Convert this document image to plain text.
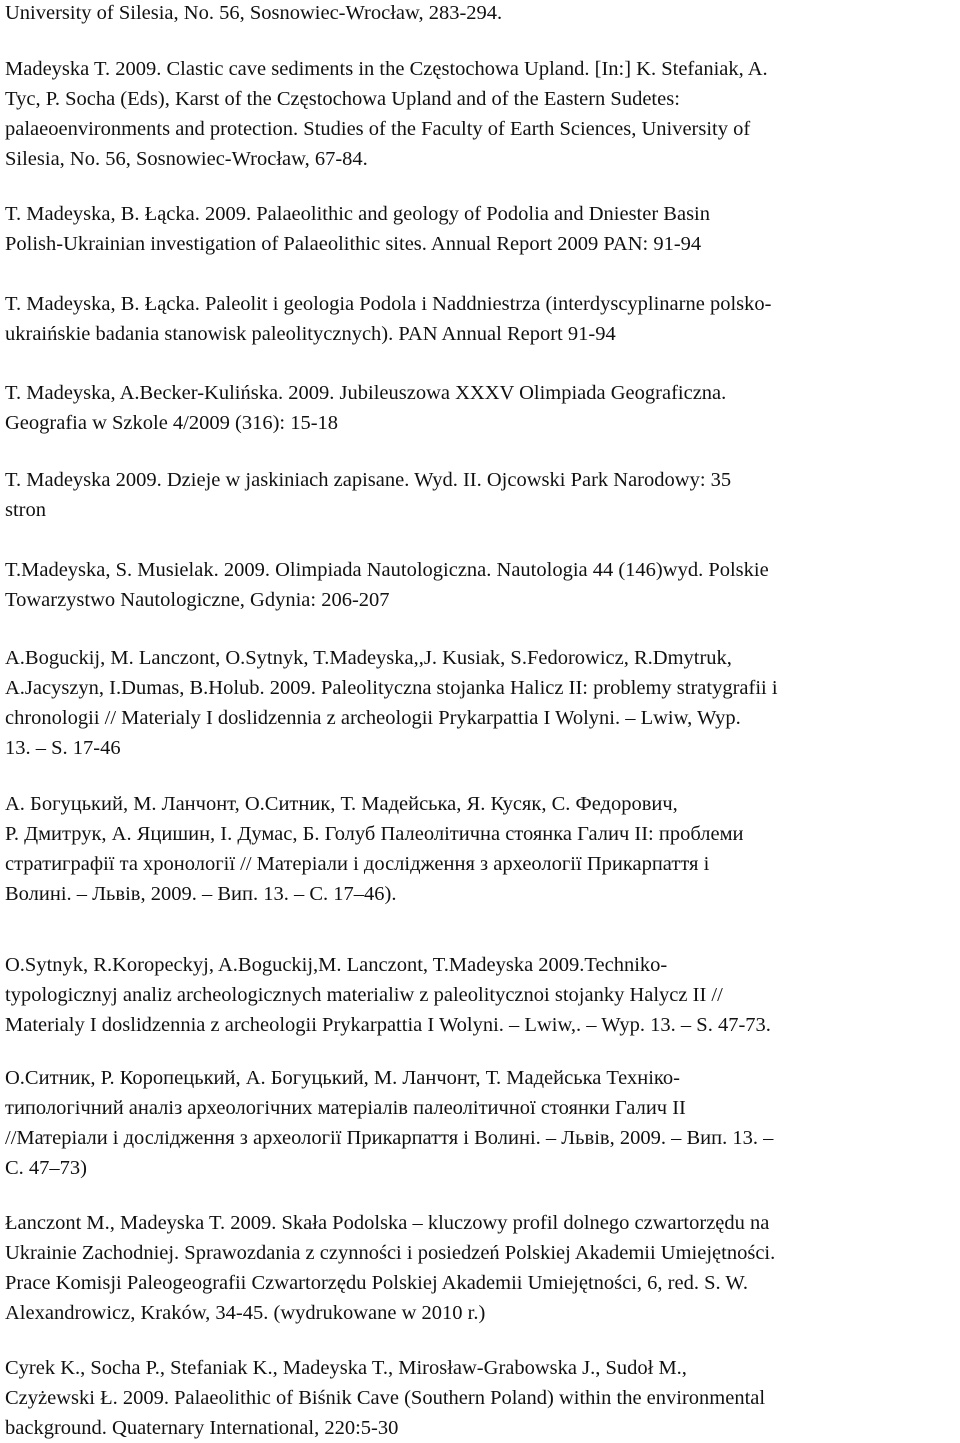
University of Silesia, No. 56, Sosnowiec-Wrocław, 283-294.
Madeyska T. 2009. Clastic cave sediments in the Częstochowa Upland. [In:] K. Stefaniak, A.
Tyc, P. Socha (Eds), Karst of the Częstochowa Upland and of the Eastern Sudetes:
palaeoenvironments and protection. Studies of the Faculty of Earth Sciences, University of
Silesia, No. 56, Sosnowiec-Wrocław, 67-84.
T. Madeyska, B. Łącka. 2009. Palaeolithic and geology of Podolia and Dniester Basin
Polish-Ukrainian investigation of Palaeolithic sites. Annual Report 2009 PAN: 91-94
T. Madeyska, B. Łącka. Paleolit i geologia Podola i Naddniestrza (interdyscyplinarne polsko-
ukraińskie badania stanowisk paleolitycznych). PAN Annual Report 91-94
T. Madeyska, A.Becker-Kulińska. 2009. Jubileuszowa XXXV Olimpiada Geograficzna.
Geografia w Szkole 4/2009 (316): 15-18
T. Madeyska 2009. Dzieje w jaskiniach zapisane. Wyd. II. Ojcowski Park Narodowy: 35
stron
T.Madeyska, S. Musielak. 2009. Olimpiada Nautologiczna. Nautologia 44 (146)wyd. Polskie
Towarzystwo Nautologiczne, Gdynia: 206-207
A.Boguckij, M. Lanczont, O.Sytnyk, T.Madeyska,,J. Kusiak, S.Fedorowicz, R.Dmytruk,
A.Jacyszyn, I.Dumas, B.Holub. 2009. Paleolityczna stojanka Halicz II: problemy stratygrafii i
chronologii // Materialy I doslidzennia z archeologii Prykarpattia I Wolyni. – Lwiw, Wyp.
13. – S. 17-46
А. Богуцький, М. Ланчонт, О.Ситник, Т. Мадейська, Я. Кусяк, С. Федорович,
Р. Дмитрук, А. Яцишин, І. Думас, Б. Голуб Палеолітична стоянка Галич ІІ: проблеми
стратиграфії та хронології // Матеріали і дослідження з археології Прикарпаття і
Волині. – Львів, 2009. – Вип. 13. – С. 17–46).
O.Sytnyk, R.Koropeckyj, A.Boguckij,M. Lanczont, T.Madeyska 2009.Techniko-
typologicznyj analiz archeologicznych materialiw z paleolitycznoi stojanky Halycz II //
Materialy I doslidzennia z archeologii Prykarpattia I Wolyni. – Lwiw,. – Wyp. 13. – S. 47-73.
О.Ситник, Р. Коропецький, А. Богуцький, М. Ланчонт, Т. Мадейська Техніко-
типологічний аналіз археологічних матеріалів палеолітичної стоянки Галич ІІ
//Матеріали і дослідження з археології Прикарпаття і Волині. – Львів, 2009. – Вип. 13. –
С. 47–73)
Łanczont M., Madeyska T. 2009. Skała Podolska – kluczowy profil dolnego czwartorzędu na
Ukrainie Zachodniej. Sprawozdania z czynności i posiedzeń Polskiej Akademii Umiejętności.
Prace Komisji Paleogeografii Czwartorzędu Polskiej Akademii Umiejętności, 6, red. S. W.
Alexandrowicz, Kraków, 34-45. (wydrukowane w 2010 r.)
Cyrek K., Socha P., Stefaniak K., Madeyska T., Mirosław-Grabowska J., Sudoł M.,
Czyżewski Ł. 2009. Palaeolithic of Biśnik Cave (Southern Poland) within the environmental
background. Quaternary International, 220:5-30
